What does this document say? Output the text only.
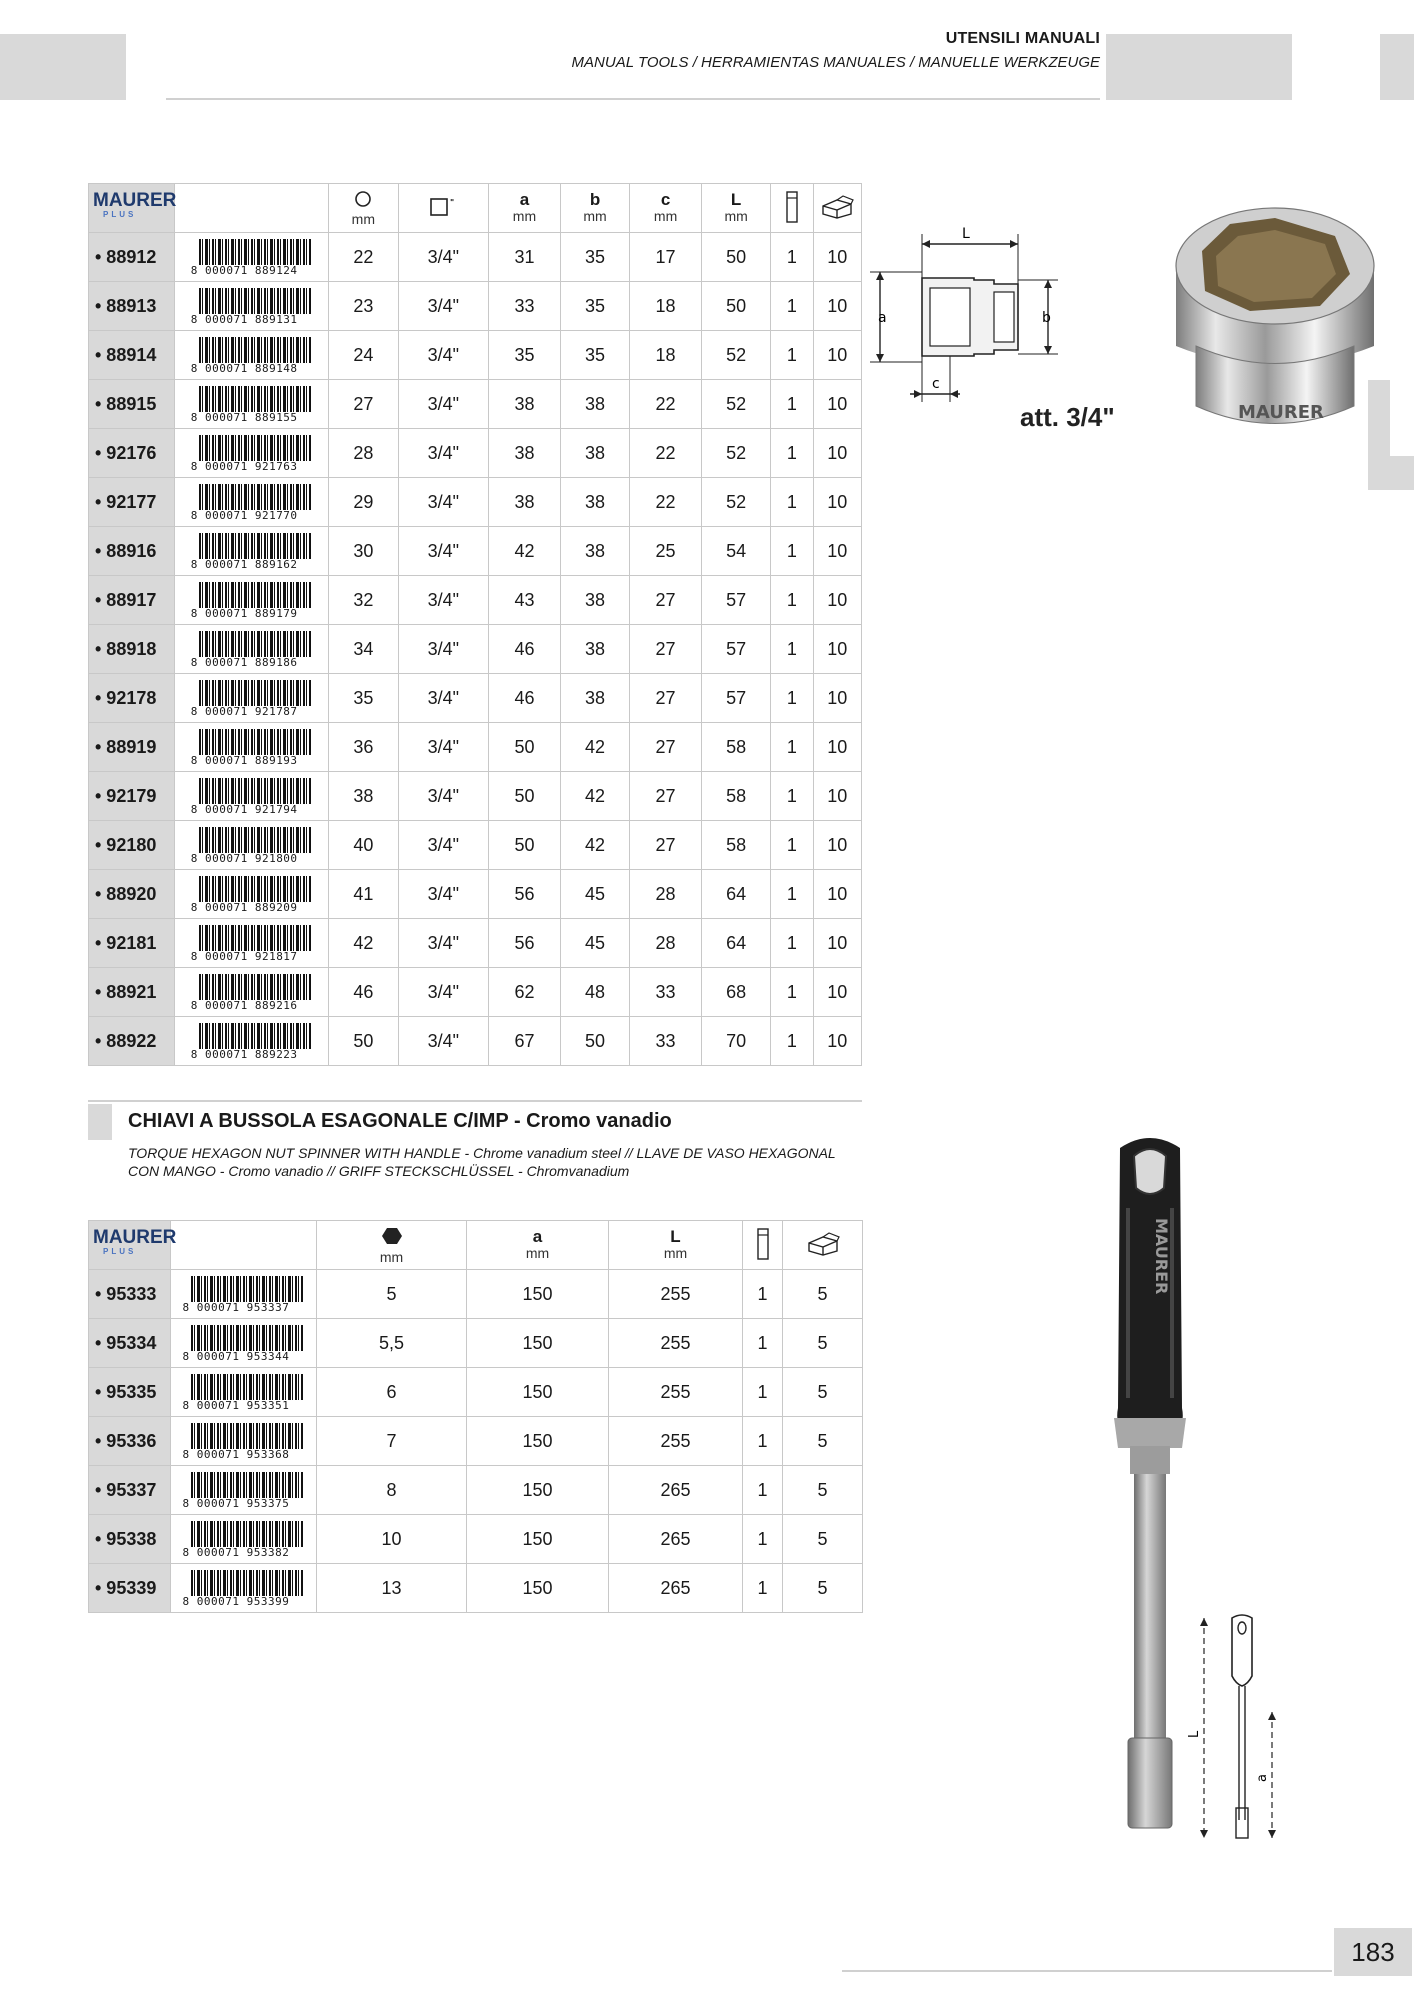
UTENSILI MANUALI
MANUAL TOOLS / HERRAMIENTAS MANUALES / MANUELLE WERKZEUGE
MAURER
PLUS		mm	"	a
mm	b
mm	c
mm	L
mm

• 88912	8 000071 889124	22	3/4"	31	35	17	50	1	10
• 88913	8 000071 889131	23	3/4"	33	35	18	50	1	10
• 88914	8 000071 889148	24	3/4"	35	35	18	52	1	10
• 88915	8 000071 889155	27	3/4"	38	38	22	52	1	10
• 92176	8 000071 921763	28	3/4"	38	38	22	52	1	10
• 92177	8 000071 921770	29	3/4"	38	38	22	52	1	10
• 88916	8 000071 889162	30	3/4"	42	38	25	54	1	10
• 88917	8 000071 889179	32	3/4"	43	38	27	57	1	10
• 88918	8 000071 889186	34	3/4"	46	38	27	57	1	10
• 92178	8 000071 921787	35	3/4"	46	38	27	57	1	10
• 88919	8 000071 889193	36	3/4"	50	42	27	58	1	10
• 92179	8 000071 921794	38	3/4"	50	42	27	58	1	10
• 92180	8 000071 921800	40	3/4"	50	42	27	58	1	10
• 88920	8 000071 889209	41	3/4"	56	45	28	64	1	10
• 92181	8 000071 921817	42	3/4"	56	45	28	64	1	10
• 88921	8 000071 889216	46	3/4"	62	48	33	68	1	10
• 88922	8 000071 889223	50	3/4"	67	50	33	70	1	10
L
a	b
c
att. 3/4"	MAURER
CHIAVI A BUSSOLA ESAGONALE C/IMP - Cromo vanadio
TORQUE HEXAGON NUT SPINNER WITH HANDLE - Chrome vanadium steel // LLAVE DE VASO HEXAGONAL CON MANGO - Cromo vanadio // GRIFF STECKSCHLÜSSEL - Chromvanadium
MAURER
PLUS		mm	a
mm	L
mm

• 95333	8 000071 953337	5	150	255	1	5
• 95334	8 000071 953344	5,5	150	255	1	5
• 95335	8 000071 953351	6	150	255	1	5
• 95336	8 000071 953368	7	150	255	1	5
• 95337	8 000071 953375	8	150	265	1	5
• 95338	8 000071 953382	10	150	265	1	5
• 95339	8 000071 953399	13	150	265	1	5
MAURER
L
a
183
